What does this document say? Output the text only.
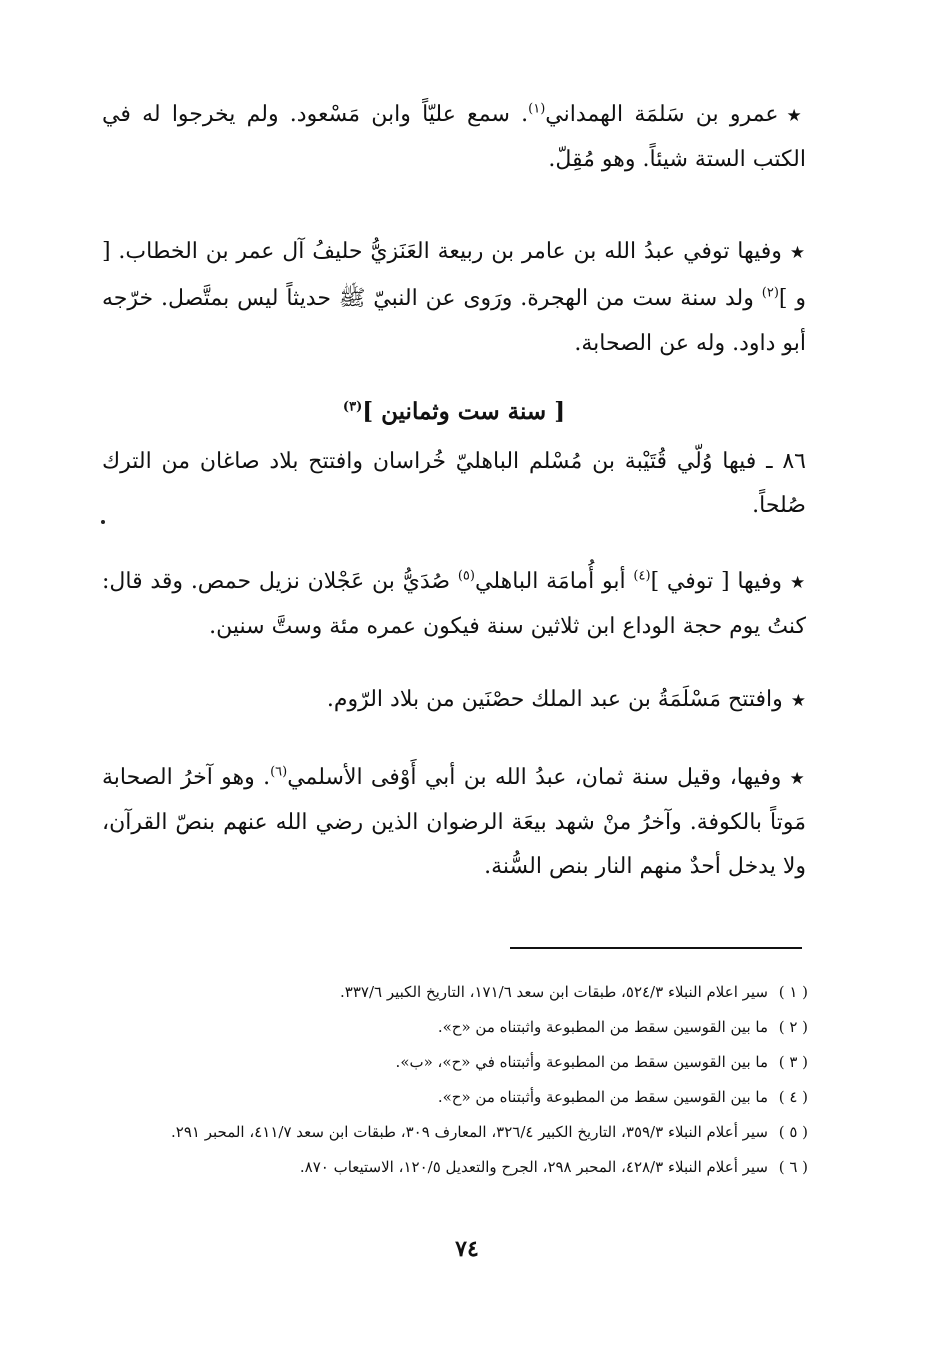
★عمرو بن سَلمَة الهمداني$^{(١)}$. سمع عليّاً وابن مَسْعود. ولم يخرجوا له في الكتب الستة شيئاً. وهو مُقِلّ.

★وفيها توفي عبدُ الله بن عامر بن ربيعة العَنَزيُّ حليفُ آل عمر بن الخطاب. [ و ]$^{(٢)}$ ولد سنة ست من الهجرة. ورَوى عن النبيّ ﷺ حديثاً ليس بمتَّصل. خرّجه أبو داود. وله عن الصحابة.

[ سنة ست وثمانين ]$^{(٣)}$

٨٦ ـ فيها وُلّي قُتَيْبة بن مُسْلم الباهليّ خُراسان وافتتح بلاد صاغان من الترك صُلحاً.

★وفيها [ توفي ]$^{(٤)}$ أبو أُمامَة الباهلي$^{(٥)}$ صُدَيُّ بن عَجْلان نزيل حمص. وقد قال: كنتُ يوم حجة الوداع ابن ثلاثين سنة فيكون عمره مئة وستَّ سنين.

★وافتتح مَسْلَمَةُ بن عبد الملك حصْنَين من بلاد الرّوم.

★وفيها، وقيل سنة ثمان، عبدُ الله بن أبي أَوْفى الأسلمي$^{(٦)}$. وهو آخرُ الصحابة مَوتاً بالكوفة. وآخرُ منْ شهد بيعَة الرضوان الذين رضي الله عنهم بنصّ القرآن، ولا يدخل أحدٌ منهم النار بنص السُّنة.

( ١ )
سير اعلام النبلاء ٥٢٤/٣، طبقات ابن سعد ١٧١/٦، التاريخ الكبير ٣٣٧/٦.
( ٢ )
ما بين القوسين سقط من المطبوعة واثبتناه من «ح».
( ٣ )
ما بين القوسين سقط من المطبوعة وأثبتناه في «ح»، «ب».
( ٤ )
ما بين القوسين سقط من المطبوعة وأثبتناه من «ح».
( ٥ )
سير أعلام النبلاء ٣٥٩/٣، التاريخ الكبير ٣٢٦/٤، المعارف ٣٠٩، طبقات ابن سعد ٤١١/٧، المحبر ٢٩١.
( ٦ )
سير أعلام النبلاء ٤٢٨/٣، المحبر ٢٩٨، الجرح والتعديل ١٢٠/٥، الاستيعاب ٨٧٠.
٧٤
